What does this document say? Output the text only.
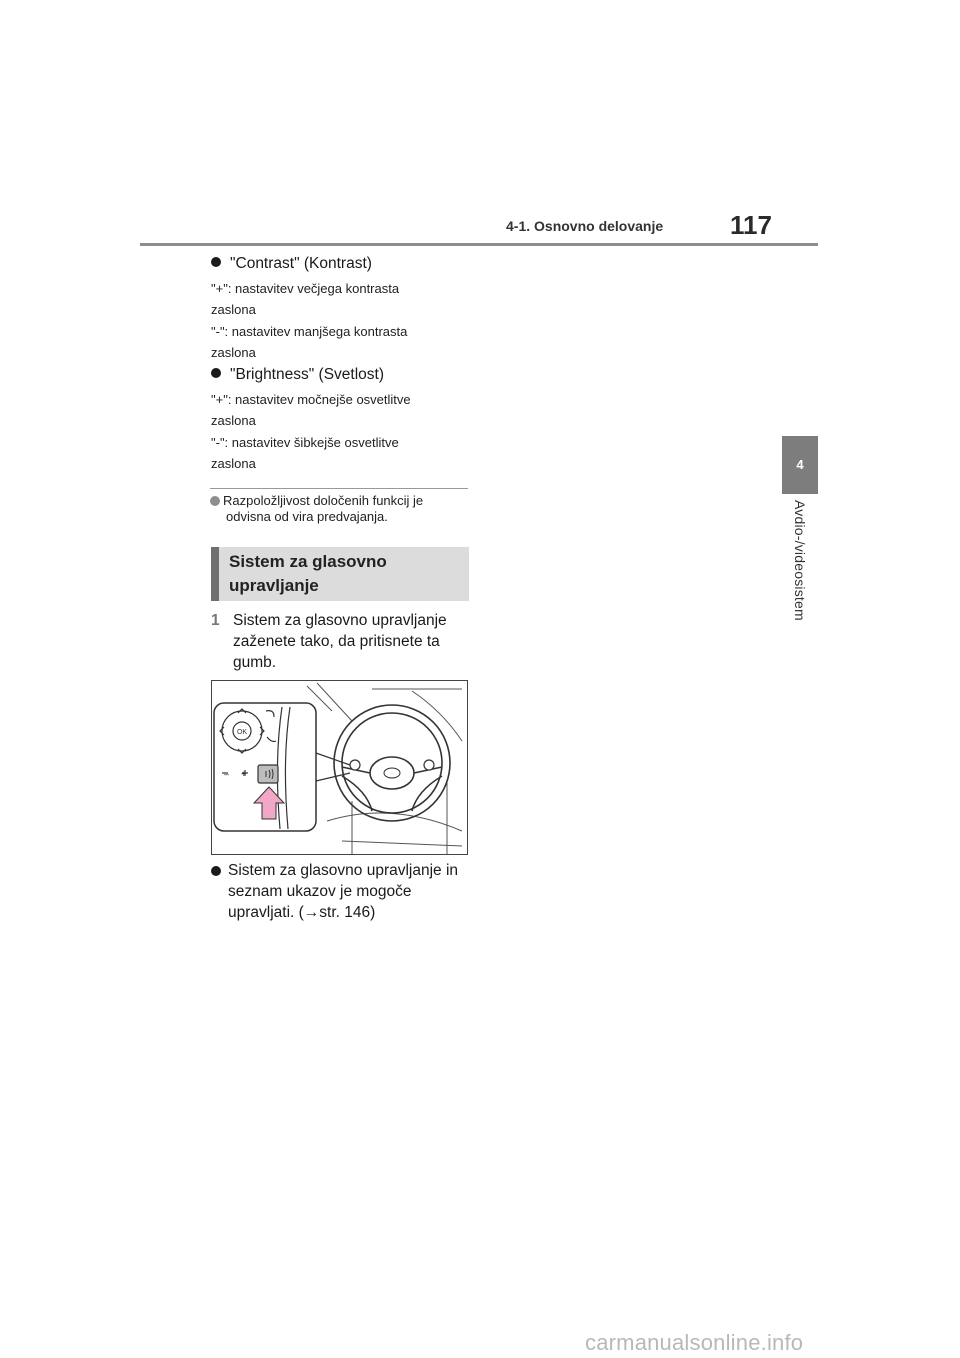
4-1. Osnovno delovanje	117
4
Avdio-/videosistem
"Contrast" (Kontrast)
"+": nastavitev večjega kontrasta
zaslona
"-": nastavitev manjšega kontrasta
zaslona
"Brightness" (Svetlost)
"+": nastavitev močnejše osvetlitve
zaslona
"-": nastavitev šibkejše osvetlitve
zaslona
Razpoložljivost določenih funkcij je
odvisna od vira predvajanja.
Sistem za glasovno
upravljanje
1 Sistem za glasovno upravljanje zaženete tako, da pritisnete ta gumb.
OK
– +
Sistem za glasovno upravljanje in seznam ukazov je mogoče upravljati. (→str. 146)
carmanualsonline.info
